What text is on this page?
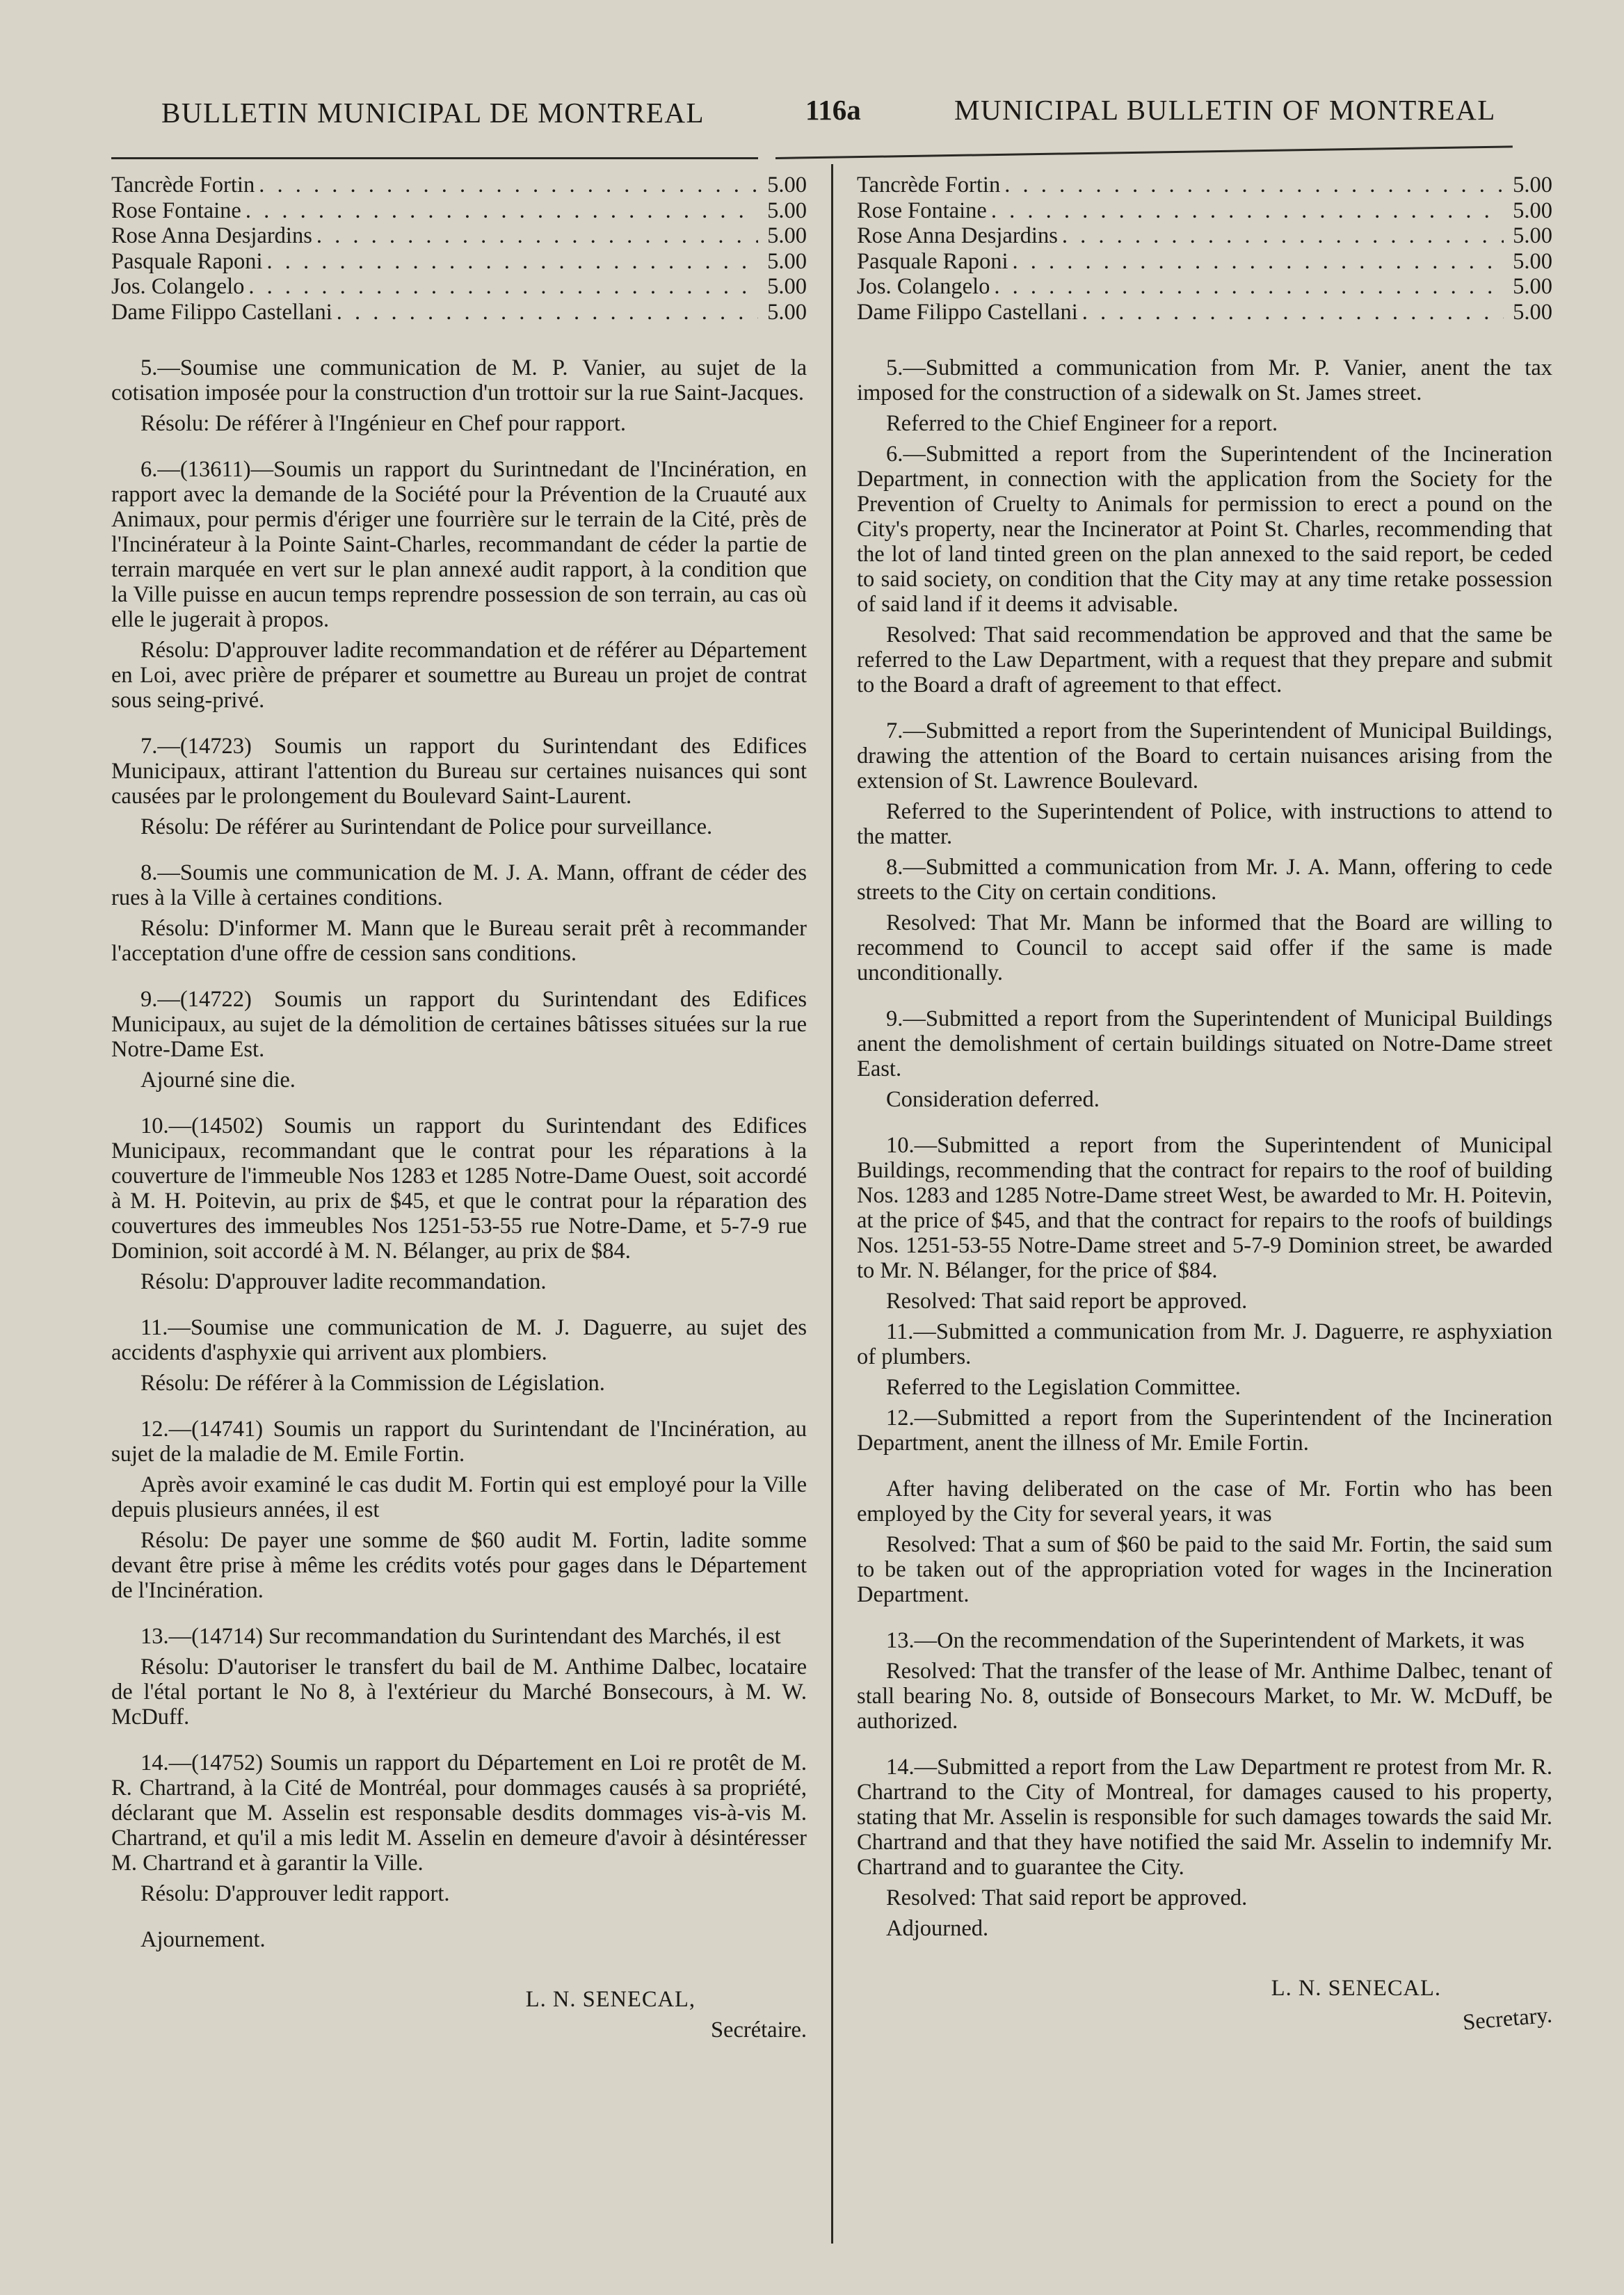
BULLETIN MUNICIPAL DE MONTREAL	116a	MUNICIPAL BULLETIN OF MONTREAL
Tancrède Fortin . . .	5.00
Rose Fontaine . . .	5.00
Rose Anna Desjardins . . .	5.00
Pasquale Raponi . . .	5.00
Jos. Colangelo . . .	5.00
Dame Filippo Castellani . . .	5.00

5.—Soumise une communication de M. P. Vanier, au sujet de la cotisation imposée pour la construction d'un trottoir sur la rue Saint-Jacques.

Résolu: De référer à l'Ingénieur en Chef pour rapport.

6.—(13611)—Soumis un rapport du Surintnedant de l'Incinération, en rapport avec la demande de la Société pour la Prévention de la Cruauté aux Animaux, pour permis d'ériger une fourrière sur le terrain de la Cité, près de l'Incinérateur à la Pointe Saint-Charles, recommandant de céder la partie de terrain marquée en vert sur le plan annexé audit rapport, à la condition que la Ville puisse en aucun temps reprendre possession de son terrain, au cas où elle le jugerait à propos.

Résolu: D'approuver ladite recommandation et de référer au Département en Loi, avec prière de préparer et soumettre au Bureau un projet de contrat sous seing-privé.

7.—(14723) Soumis un rapport du Surintendant des Edifices Municipaux, attirant l'attention du Bureau sur certaines nuisances qui sont causées par le prolongement du Boulevard Saint-Laurent.

Résolu: De référer au Surintendant de Police pour surveillance.

8.—Soumis une communication de M. J. A. Mann, offrant de céder des rues à la Ville à certaines conditions.

Résolu: D'informer M. Mann que le Bureau serait prêt à recommander l'acceptation d'une offre de cession sans conditions.

9.—(14722) Soumis un rapport du Surintendant des Edifices Municipaux, au sujet de la démolition de certaines bâtisses situées sur la rue Notre-Dame Est.

Ajourné sine die.

10.—(14502) Soumis un rapport du Surintendant des Edifices Municipaux, recommandant que le contrat pour les réparations à la couverture de l'immeuble Nos 1283 et 1285 Notre-Dame Ouest, soit accordé à M. H. Poitevin, au prix de $45, et que le contrat pour la réparation des couvertures des immeubles Nos 1251-53-55 rue Notre-Dame, et 5-7-9 rue Dominion, soit accordé à M. N. Bélanger, au prix de $84.

Résolu: D'approuver ladite recommandation.

11.—Soumise une communication de M. J. Daguerre, au sujet des accidents d'asphyxie qui arrivent aux plombiers.

Résolu: De référer à la Commission de Législation.

12.—(14741) Soumis un rapport du Surintendant de l'Incinération, au sujet de la maladie de M. Emile Fortin.

Après avoir examiné le cas dudit M. Fortin qui est employé pour la Ville depuis plusieurs années, il est

Résolu: De payer une somme de $60 audit M. Fortin, ladite somme devant être prise à même les crédits votés pour gages dans le Département de l'Incinération.

13.—(14714) Sur recommandation du Surintendant des Marchés, il est

Résolu: D'autoriser le transfert du bail de M. Anthime Dalbec, locataire de l'étal portant le No 8, à l'extérieur du Marché Bonsecours, à M. W. McDuff.

14.—(14752) Soumis un rapport du Département en Loi re protêt de M. R. Chartrand, à la Cité de Montréal, pour dommages causés à sa propriété, déclarant que M. Asselin est responsable desdits dommages vis-à-vis M. Chartrand, et qu'il a mis ledit M. Asselin en demeure d'avoir à désintéresser M. Chartrand et à garantir la Ville.

Résolu: D'approuver ledit rapport.

Ajournement.

L. N. SENECAL,
Secrétaire.
Tancrède Fortin . . .	5.00
Rose Fontaine . . .	5.00
Rose Anna Desjardins . . .	5.00
Pasquale Raponi . . .	5.00
Jos. Colangelo . . .	5.00
Dame Filippo Castellani . . .	5.00

5.—Submitted a communication from Mr. P. Vanier, anent the tax imposed for the construction of a sidewalk on St. James street.

Referred to the Chief Engineer for a report.

6.—Submitted a report from the Superintendent of the Incineration Department, in connection with the application from the Society for the Prevention of Cruelty to Animals for permission to erect a pound on the City's property, near the Incinerator at Point St. Charles, recommending that the lot of land tinted green on the plan annexed to the said report, be ceded to said society, on condition that the City may at any time retake possession of said land if it deems it advisable.

Resolved: That said recommendation be approved and that the same be referred to the Law Department, with a request that they prepare and submit to the Board a draft of agreement to that effect.

7.—Submitted a report from the Superintendent of Municipal Buildings, drawing the attention of the Board to certain nuisances arising from the extension of St. Lawrence Boulevard.

Referred to the Superintendent of Police, with instructions to attend to the matter.

8.—Submitted a communication from Mr. J. A. Mann, offering to cede streets to the City on certain conditions.

Resolved: That Mr. Mann be informed that the Board are willing to recommend to Council to accept said offer if the same is made unconditionally.

9.—Submitted a report from the Superintendent of Municipal Buildings anent the demolishment of certain buildings situated on Notre-Dame street East.

Consideration deferred.

10.—Submitted a report from the Superintendent of Municipal Buildings, recommending that the contract for repairs to the roof of building Nos. 1283 and 1285 Notre-Dame street West, be awarded to Mr. H. Poitevin, at the price of $45, and that the contract for repairs to the roofs of buildings Nos. 1251-53-55 Notre-Dame street and 5-7-9 Dominion street, be awarded to Mr. N. Bélanger, for the price of $84.

Resolved: That said report be approved.

11.—Submitted a communication from Mr. J. Daguerre, re asphyxiation of plumbers.

Referred to the Legislation Committee.

12.—Submitted a report from the Superintendent of the Incineration Department, anent the illness of Mr. Emile Fortin.

After having deliberated on the case of Mr. Fortin who has been employed by the City for several years, it was

Resolved: That a sum of $60 be paid to the said Mr. Fortin, the said sum to be taken out of the appropriation voted for wages in the Incineration Department.

13.—On the recommendation of the Superintendent of Markets, it was

Resolved: That the transfer of the lease of Mr. Anthime Dalbec, tenant of stall bearing No. 8, outside of Bonsecours Market, to Mr. W. McDuff, be authorized.

14.—Submitted a report from the Law Department re protest from Mr. R. Chartrand to the City of Montreal, for damages caused to his property, stating that Mr. Asselin is responsible for such damages towards the said Mr. Chartrand and that they have notified the said Mr. Asselin to indemnify Mr. Chartrand and to guarantee the City.

Resolved: That said report be approved.

Adjourned.

L. N. SENECAL.
Secretary.
